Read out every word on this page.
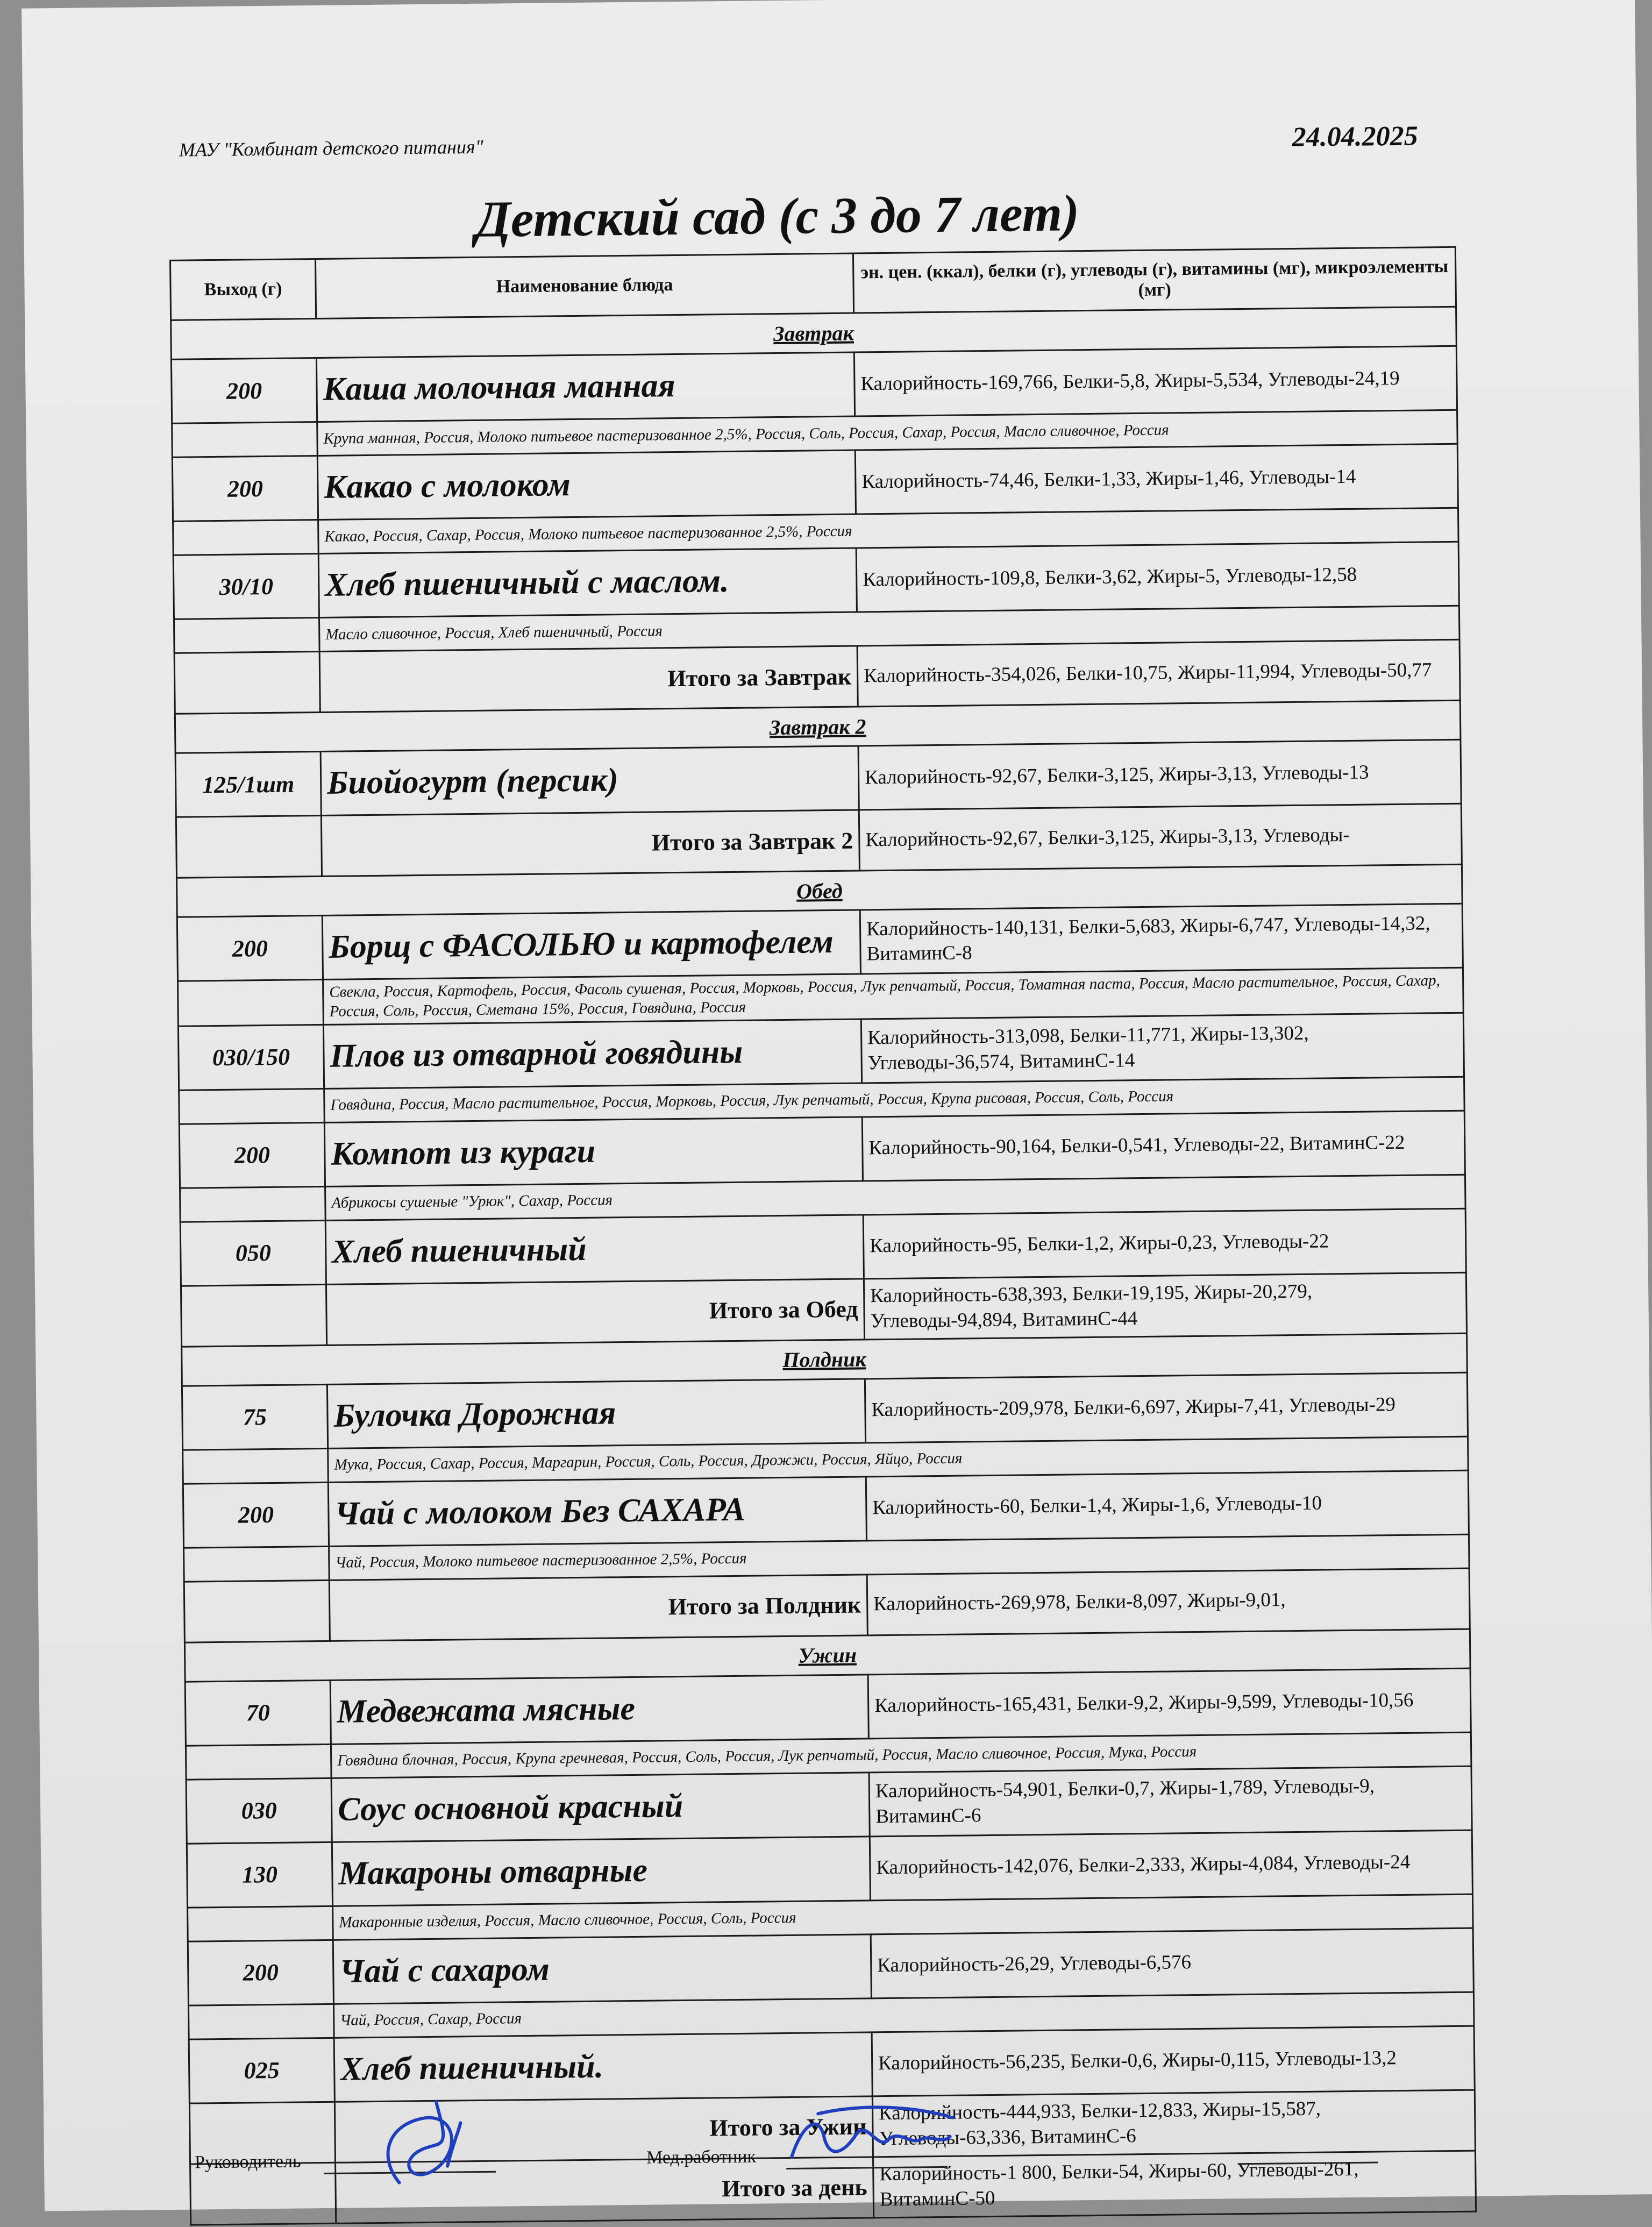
МАУ "Комбинат детского питания"	24.04.2025
Детский сад (с 3 до 7 лет)
Выход (г)	Наименование блюда	эн. цен. (ккал), белки (г), углеводы (г), витамины (мг), микроэлементы (мг)
Завтрак		
200	Каша молочная манная	Калорийность-169,766, Белки-5,8, Жиры-5,534, Углеводы-24,19
	Крупа манная, Россия, Молоко питьевое пастеризованное 2,5%, Россия, Соль, Россия, Сахар, Россия, Масло сливочное, Россия	
200	Какао с молоком	Калорийность-74,46, Белки-1,33, Жиры-1,46, Углеводы-14
	Какао, Россия, Сахар, Россия, Молоко питьевое пастеризованное 2,5%, Россия	
30/10	Хлеб пшеничный с маслом.	Калорийность-109,8, Белки-3,62, Жиры-5, Углеводы-12,58
	Масло сливочное, Россия, Хлеб пшеничный, Россия	
	Итого за Завтрак	Калорийность-354,026, Белки-10,75, Жиры-11,994, Углеводы-50,77
Завтрак 2		
125/1шт	Биойогурт (персик)	Калорийность-92,67, Белки-3,125, Жиры-3,13, Углеводы-13
	Итого за Завтрак 2	Калорийность-92,67, Белки-3,125, Жиры-3,13, Углеводы-
Обед		
200	Борщ с ФАСОЛЬЮ и картофелем	Калорийность-140,131, Белки-5,683, Жиры-6,747, Углеводы-14,32, ВитаминС-8
	Свекла, Россия, Картофель, Россия, Фасоль сушеная, Россия, Морковь, Россия, Лук репчатый, Россия, Томатная паста, Россия, Масло растительное, Россия, Сахар, Россия, Соль, Россия, Сметана 15%, Россия, Говядина, Россия	
030/150	Плов из отварной говядины	Калорийность-313,098, Белки-11,771, Жиры-13,302, Углеводы-36,574, ВитаминС-14
	Говядина, Россия, Масло растительное, Россия, Морковь, Россия, Лук репчатый, Россия, Крупа рисовая, Россия, Соль, Россия	
200	Компот из кураги	Калорийность-90,164, Белки-0,541, Углеводы-22, ВитаминС-22
	Абрикосы сушеные "Урюк", Сахар, Россия	
050	Хлеб пшеничный	Калорийность-95, Белки-1,2, Жиры-0,23, Углеводы-22
	Итого за Обед	Калорийность-638,393, Белки-19,195, Жиры-20,279, Углеводы-94,894, ВитаминС-44
Полдник		
75	Булочка Дорожная	Калорийность-209,978, Белки-6,697, Жиры-7,41, Углеводы-29
	Мука, Россия, Сахар, Россия, Маргарин, Россия, Соль, Россия, Дрожжи, Россия, Яйцо, Россия	
200	Чай с молоком Без САХАРА	Калорийность-60, Белки-1,4, Жиры-1,6, Углеводы-10
	Чай, Россия, Молоко питьевое пастеризованное 2,5%, Россия	
	Итого за Полдник	Калорийность-269,978, Белки-8,097, Жиры-9,01,
Ужин		
70	Медвежата мясные	Калорийность-165,431, Белки-9,2, Жиры-9,599, Углеводы-10,56
	Говядина блочная, Россия, Крупа гречневая, Россия, Соль, Россия, Лук репчатый, Россия, Масло сливочное, Россия, Мука, Россия	
030	Соус основной красный	Калорийность-54,901, Белки-0,7, Жиры-1,789, Углеводы-9, ВитаминС-6
130	Макароны отварные	Калорийность-142,076, Белки-2,333, Жиры-4,084, Углеводы-24
	Макаронные изделия, Россия, Масло сливочное, Россия, Соль, Россия	
200	Чай с сахаром	Калорийность-26,29, Углеводы-6,576
	Чай, Россия, Сахар, Россия	
025	Хлеб пшеничный.	Калорийность-56,235, Белки-0,6, Жиры-0,115, Углеводы-13,2
	Итого за Ужин	Калорийность-444,933, Белки-12,833, Жиры-15,587, Углеводы-63,336, ВитаминС-6
	Итого за день	Калорийность-1 800, Белки-54, Жиры-60, Углеводы-261, ВитаминС-50
Руководитель	Мед.работник
